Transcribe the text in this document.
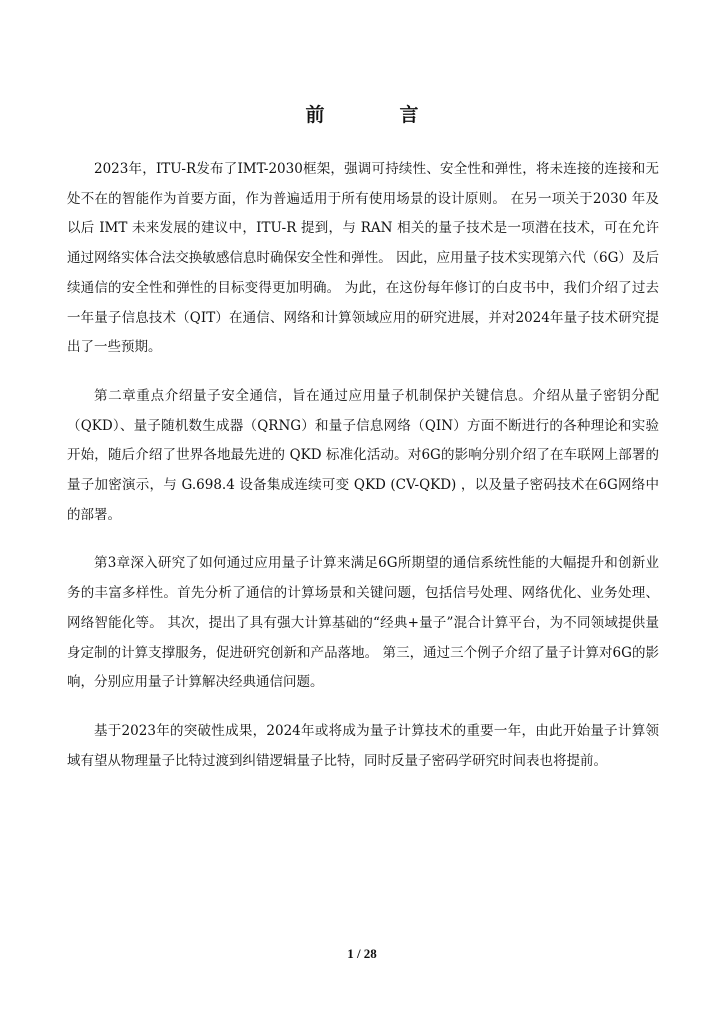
前　言

2023年，ITU-R发布了IMT-2030框架，强调可持续性、安全性和弹性，将未连接的连接和无处不在的智能作为首要方面，作为普遍适用于所有使用场景的设计原则。 在另一项关于2030 年及以后 IMT 未来发展的建议中，ITU-R 提到，与 RAN 相关的量子技术是一项潜在技术，可在允许通过网络实体合法交换敏感信息时确保安全性和弹性。 因此，应用量子技术实现第六代（6G）及后续通信的安全性和弹性的目标变得更加明确。 为此，在这份每年修订的白皮书中，我们介绍了过去一年量子信息技术（QIT）在通信、网络和计算领域应用的研究进展，并对2024年量子技术研究提出了一些预期。

第二章重点介绍量子安全通信，旨在通过应用量子机制保护关键信息。介绍从量子密钥分配（QKD）、量子随机数生成器（QRNG）和量子信息网络（QIN）方面不断进行的各种理论和实验开始，随后介绍了世界各地最先进的 QKD 标准化活动。对6G的影响分别介绍了在车联网上部署的量子加密演示，与 G.698.4 设备集成连续可变 QKD (CV-QKD) ，以及量子密码技术在6G网络中的部署。

第3章深入研究了如何通过应用量子计算来满足6G所期望的通信系统性能的大幅提升和创新业务的丰富多样性。首先分析了通信的计算场景和关键问题，包括信号处理、网络优化、业务处理、网络智能化等。 其次，提出了具有强大计算基础的“经典+量子”混合计算平台，为不同领域提供量身定制的计算支撑服务，促进研究创新和产品落地。 第三，通过三个例子介绍了量子计算对6G的影响，分别应用量子计算解决经典通信问题。

基于2023年的突破性成果，2024年或将成为量子计算技术的重要一年，由此开始量子计算领域有望从物理量子比特过渡到纠错逻辑量子比特，同时反量子密码学研究时间表也将提前。

1 / 28
